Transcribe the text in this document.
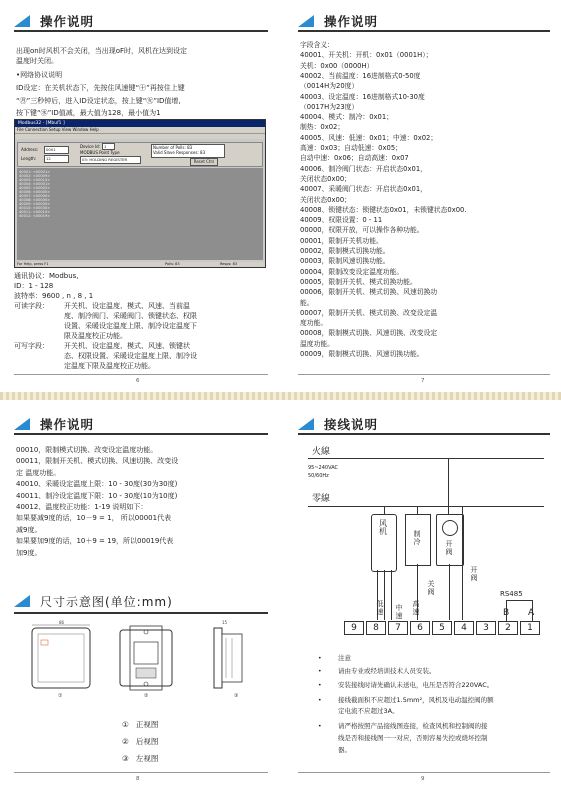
操作说明
出现on时风机不会关闭，当出现oF时，风机在达到设定
温度时关闭。
•网络协议说明
ID设定：在关机状态下，先按住风速键“㊉”再按住上键
“㊊”三秒钟后，进入ID设定状态，按上键“㊋”ID值增,
按下键“㊌”ID值减，最大值为128，最小值为1
Modbus32 - [Mbuf1 ]
File Connection Setup View Window Help
Address:	0001
Length:	12
Device Id:	1
MODBUS Point Type
03: HOLDING REGISTER
Number of Polls: 83
Valid Slave Responses: 83
Reset Ctrs
40001: <00001>
40002: <00009>
40003: <00010>
40004: <00001>
40005: <00002>
40006: <00000>
40007: <00000>
40008: <00000>
40009: <00000>
40010: <00030>
40011: <00010>
40012: <00019>
For Help, press F1	Polls: 83	Resps: 83
通讯协议：Modbus,
ID：1 - 128
波特率：9600 , n , 8 , 1
可读字段： 开关机、设定温度、模式、风速、当前温
度、制冷阀门、采暖阀门、锁键状态、权限
设置、采暖设定温度上限、制冷设定温度下
限及温度校正功能。
可写字段： 开关机、设定温度、模式、风速、锁键状
态、权限设置、采暖设定温度上限、制冷设
定温度下限及温度校正功能。
6
操作说明
字段含义：
40001、开关机：开机：0x01（0001H）；
关机：0x00（0000H）
40002、当前温度：16进制格式0-50度
（0014H为20度）
40003、设定温度：16进制格式10-30度
（0017H为23度）
40004、模式：制冷：0x01；
制热：0x02；
40005、风速：低速：0x01；中速：0x02；
高速：0x03；自动低速：0x05；
自动中速：0x06；自动高速：0x07
40006、制冷阀门状态：开启状态0x01，
关闭状态0x00；
40007、采暖阀门状态：开启状态0x01，
关闭状态0x00；
40008、锁键状态：锁键状态0x01，未锁键状态0x00.
40009、权限设置：0 - 11
00000，权限开放，可以操作各种功能。
00001，限制开关机功能。
00002，限制模式切换功能。
00003，限制风速切换功能。
00004，限制改变设定温度功能。
00005，限制开关机、模式切换功能。
00006，限制开关机、模式切换、风速切换功
能。
00007，限制开关机、模式切换、改变设定温
度功能。
00008，限制模式切换、风速切换、改变设定
温度功能。
00009，限制模式切换、风速切换功能。
7
操作说明
00010，限制模式切换、改变设定温度功能。
00011，限制开关机、模式切换、风速切换、改变设
定 温度功能。
40010、采暖设定温度上限：10 - 30度(30为30度)
40011、制冷设定温度下限：10 - 30度(10为10度)
40012、温度校正功能：1-19 说明如下：
如果要减9度的话，10－9 = 1， 所以00001代表
减9度。
如果要加9度的话，10＋9 = 19，所以00019代表
加9度。
尺寸示意图(单位:mm)
86
①	②
15
③
① 正视图
② 后视图
③ 左视图
8
接线说明
火線
95~240VAC
50/60Hz
零線
风机	制冷	开阀
低速 中速
高速
关阀
开阀
RS485
B A
9	8	7	6	5	4	3	2	1
•	注意
•	请由专业或经培训技术人员安装。
•	安装接线时请先确认未送电，电压是否符合220VAC。
•	接线截面积不应超过1.5mm²，风机及电动温控阀的额
定电流不应超过3A。
•	请严格按照产品接线图连接，检查风机和控制阀的接
线是否和接线图一一对应，否则容易失控或烧坏控制
器。
9
